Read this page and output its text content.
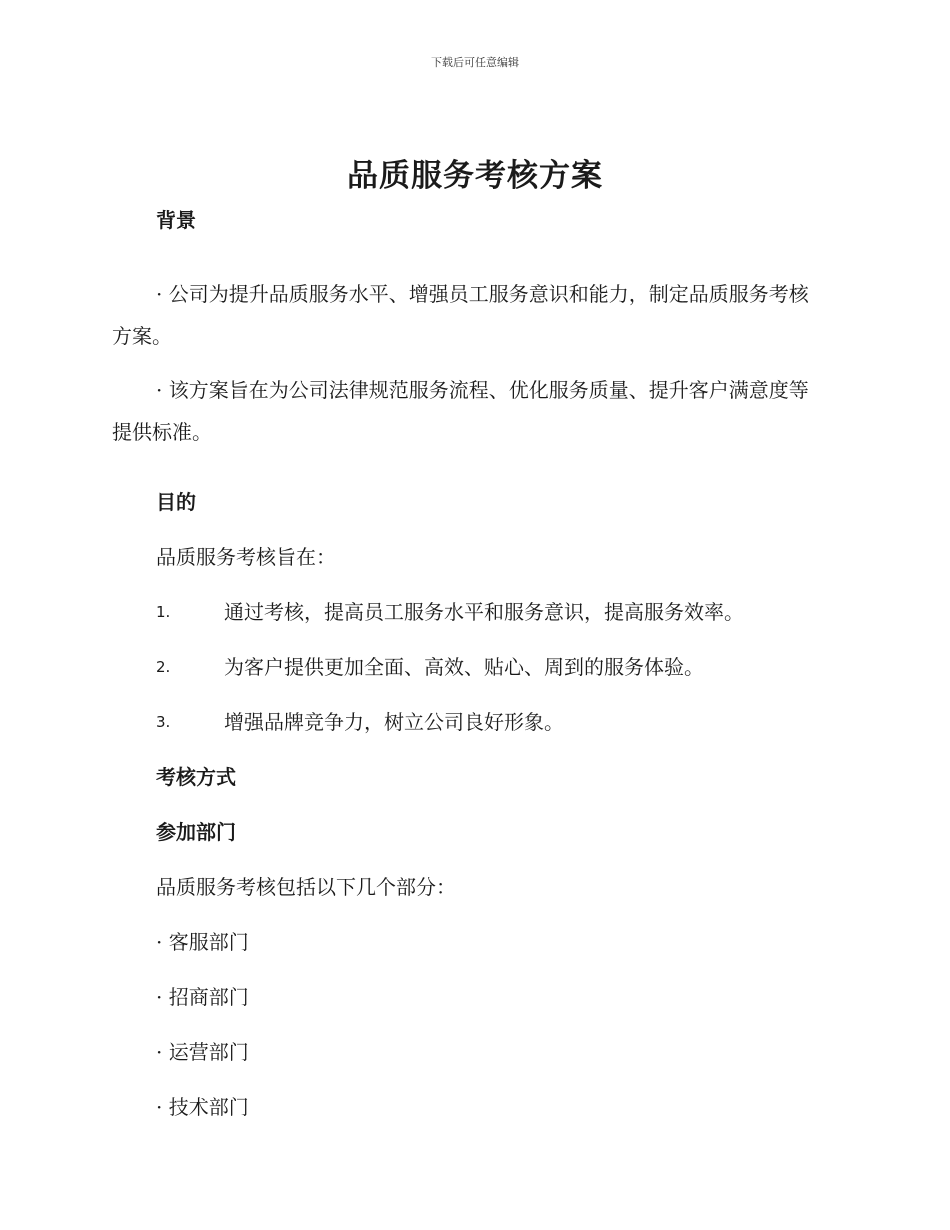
下载后可任意编辑
品质服务考核方案
背景

· 公司为提升品质服务水平、增强员工服务意识和能力，制定品质服务考核方案。

· 该方案旨在为公司法律规范服务流程、优化服务质量、提升客户满意度等提供标准。

目的

品质服务考核旨在：

1.	通过考核，提高员工服务水平和服务意识，提高服务效率。
2.	为客户提供更加全面、高效、贴心、周到的服务体验。
3.	增强品牌竞争力，树立公司良好形象。
考核方式
参加部门

品质服务考核包括以下几个部分：

· 客服部门

· 招商部门

· 运营部门

· 技术部门
